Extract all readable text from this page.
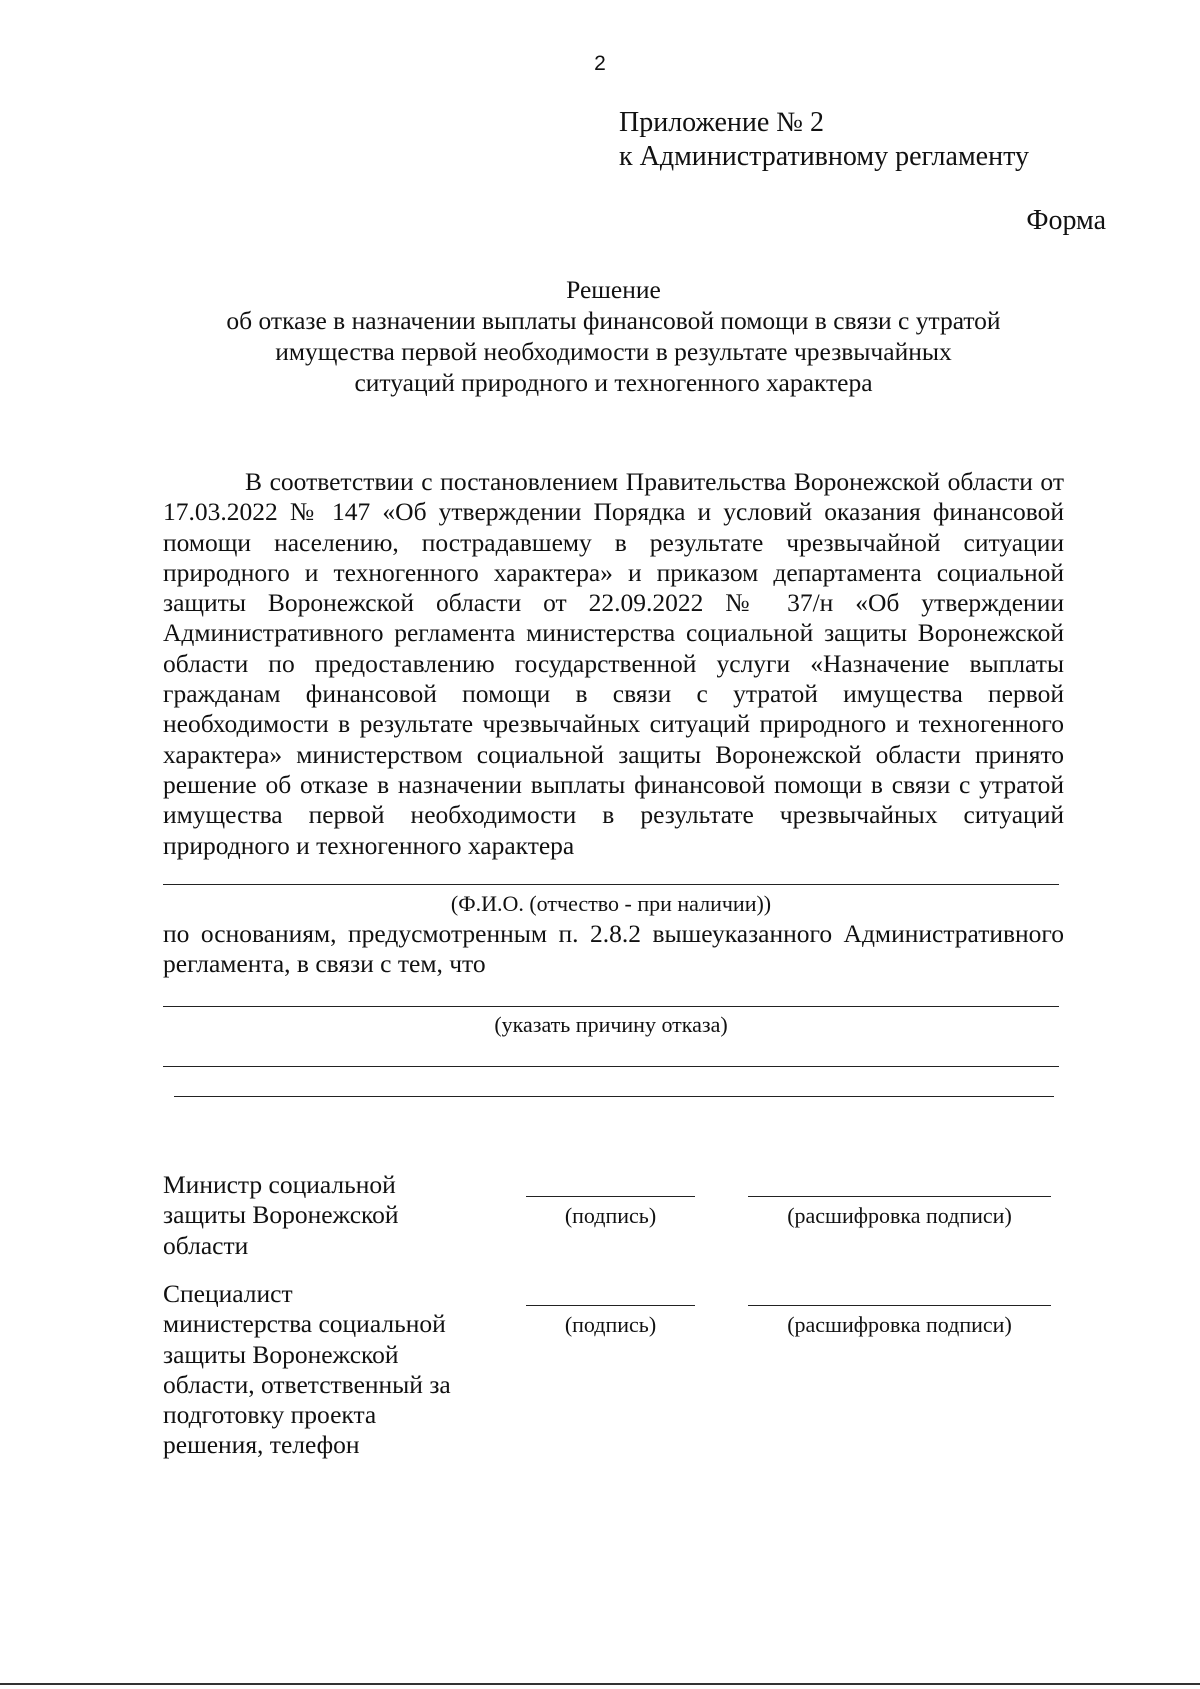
2
Приложение № 2
к Административному регламенту
Форма
Решение
об отказе в назначении выплаты финансовой помощи в связи с утратой
имущества первой необходимости в результате чрезвычайных
ситуаций природного и техногенного характера

В соответствии с постановлением Правительства Воронежской области от 17.03.2022 № 147 «Об утверждении Порядка и условий оказания финансовой помощи населению, пострадавшему в результате чрезвычайной ситуации природного и техногенного характера» и приказом департамента социальной защиты Воронежской области от 22.09.2022 № 37/н «Об утверждении Административного регламента министерства социальной защиты Воронежской области по предоставлению государственной услуги «Назначение выплаты гражданам финансовой помощи в связи с утратой имущества первой необходимости в результате чрезвычайных ситуаций природного и техногенного характера» министерством социальной защиты Воронежской области принято решение об отказе в назначении выплаты финансовой помощи в связи с утратой имущества первой необходимости в результате чрезвычайных ситуаций природного и техногенного характера

(Ф.И.О. (отчество - при наличии))
по основаниям, предусмотренным п. 2.8.2 вышеуказанного Административного регламента, в связи с тем, что
(указать причину отказа)
Министр социальной
защиты Воронежской
области
(подпись)	(расшифровка подписи)
Специалист
министерства социальной
защиты Воронежской
области, ответственный за
подготовку проекта
решения, телефон
(подпись)	(расшифровка подписи)
